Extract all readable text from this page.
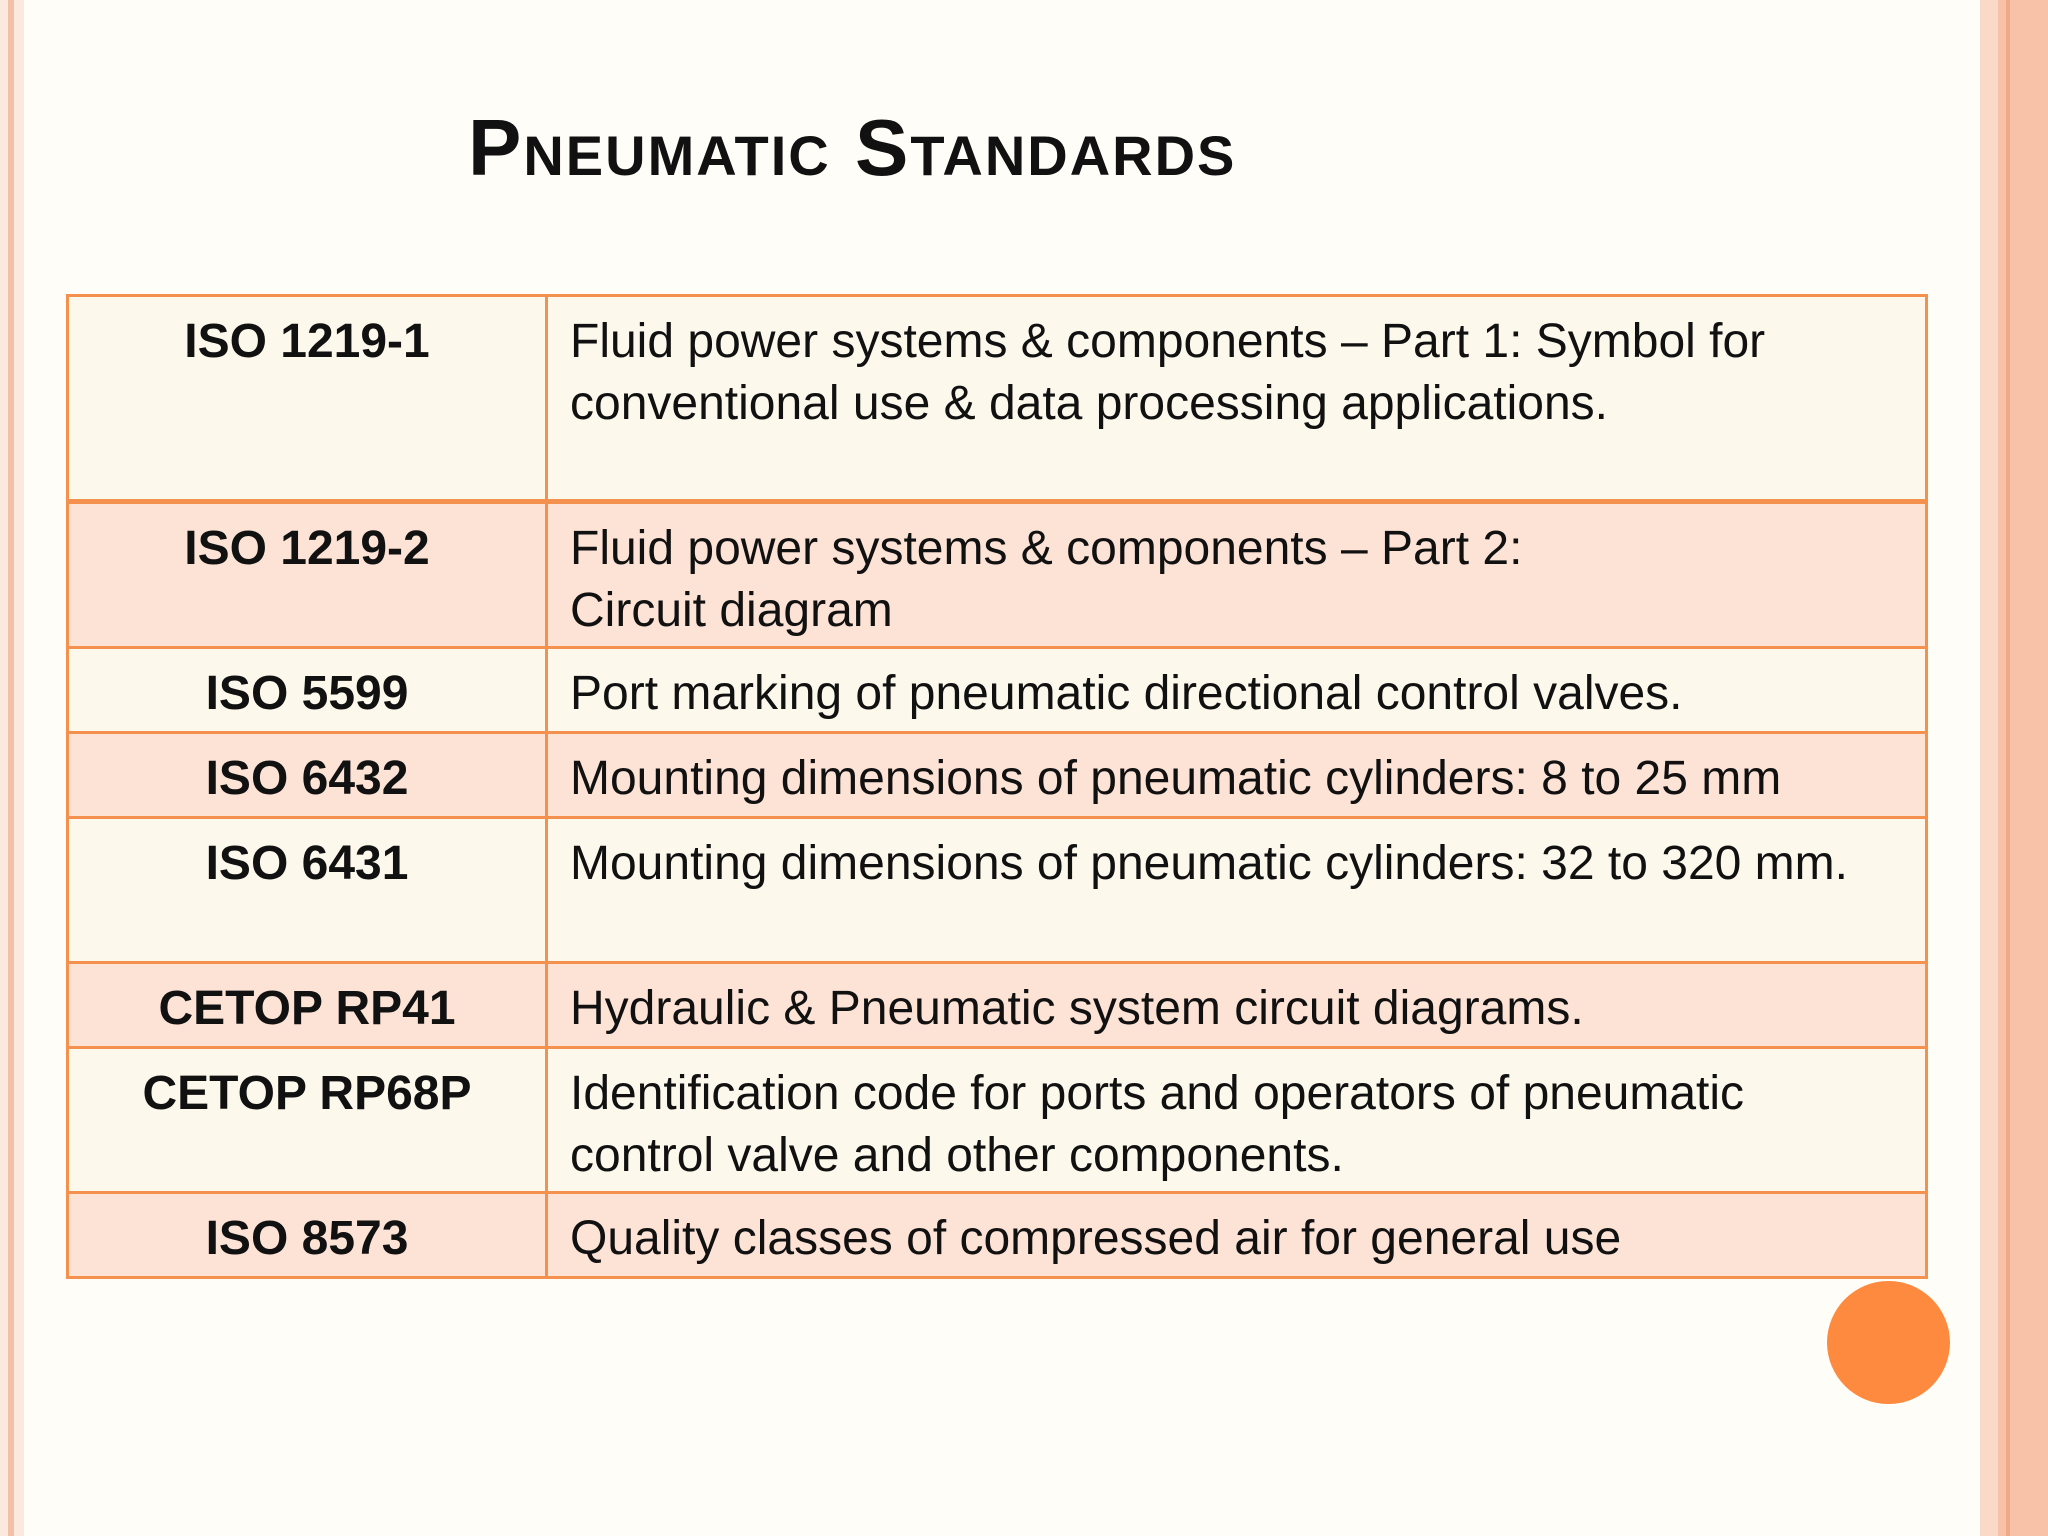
Pneumatic Standards
ISO 1219-1	Fluid power systems & components – Part 1: Symbol for
conventional use & data processing applications.

ISO 1219-2	Fluid power systems & components – Part 2:
Circuit diagram

ISO 5599	Port marking of pneumatic directional control valves.

ISO 6432	Mounting dimensions of pneumatic cylinders: 8 to 25 mm

ISO 6431	Mounting dimensions of pneumatic cylinders: 32 to 320 mm.

CETOP RP41	Hydraulic & Pneumatic system circuit diagrams.

CETOP RP68P	Identification code for ports and operators of pneumatic
control valve and other components.

ISO 8573	Quality classes of compressed air for general use
